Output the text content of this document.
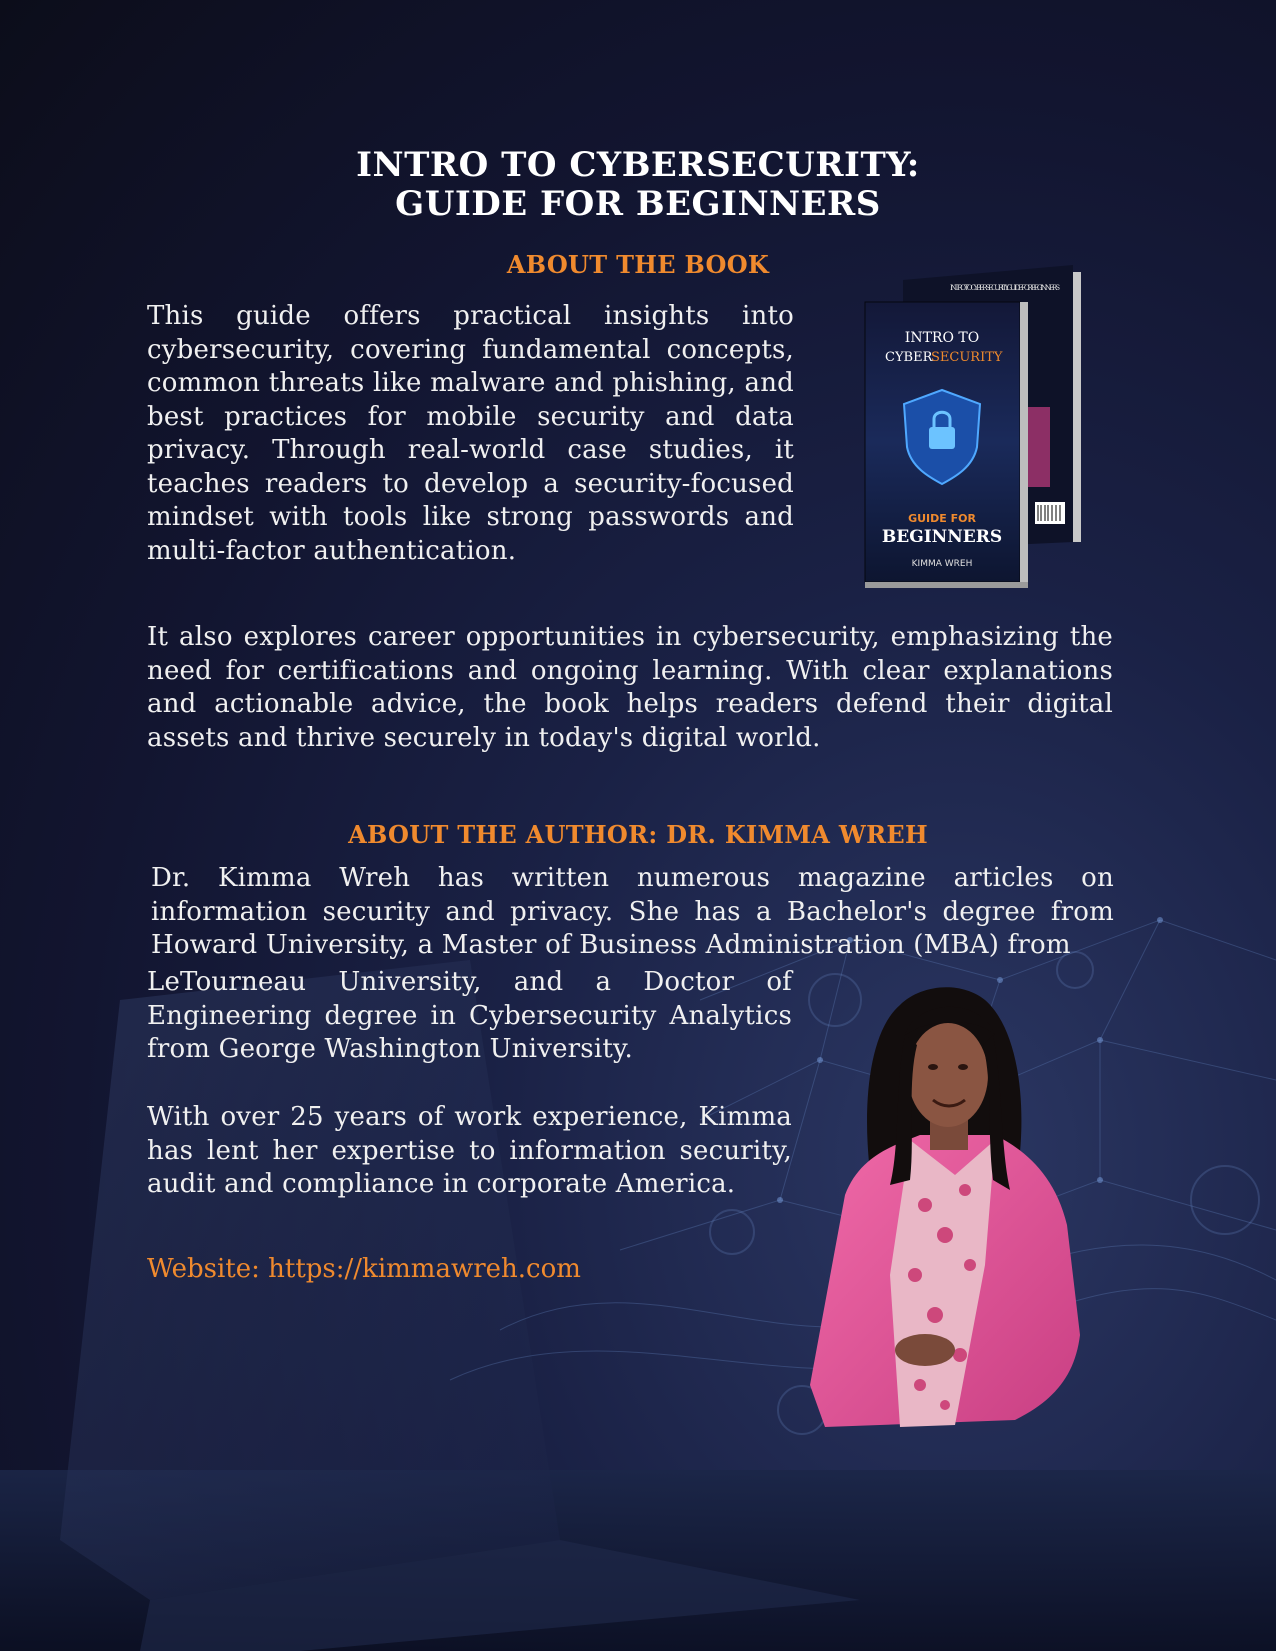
INTRO TO CYBERSECURITY:
GUIDE FOR BEGINNERS
ABOUT THE BOOK

This guide offers practical insights into cybersecurity, covering fundamental concepts, common threats like malware and phishing, and best practices for mobile security and data privacy. Through real-world case studies, it teaches readers to develop a security-focused mindset with tools like strong passwords and multi-factor authentication.

INTRO TO CYBERSECURITY: GUIDE FOR BEGINNERS
INTRO TO
CYBER
SECURITY
GUIDE FOR
BEGINNERS
KIMMA WREH

It also explores career opportunities in cybersecurity, emphasizing the need for certifications and ongoing learning. With clear explanations and actionable advice, the book helps readers defend their digital assets and thrive securely in today's digital world.

ABOUT THE AUTHOR: DR. KIMMA WREH

Dr. Kimma Wreh has written numerous magazine articles on information security and privacy. She has a Bachelor's degree from Howard University, a Master of Business Administration (MBA) from

LeTourneau University, and a Doctor of Engineering degree in Cybersecurity Analytics from George Washington University.

With over 25 years of work experience, Kimma has lent her expertise to information security, audit and compliance in corporate America.

Website: https://kimmawreh.com
